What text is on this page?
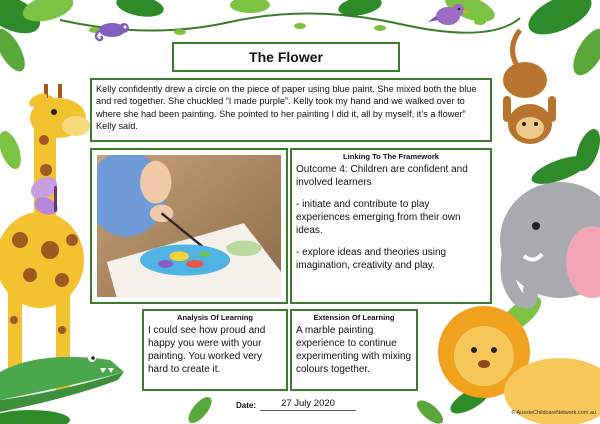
The Flower
Kelly confidently drew a circle on the piece of paper using blue paint. She mixed both the blue and red together. She chuckled “I made purple”. Kelly took my hand and we walked over to where she had been painting. She pointed to her painting I did it, all by myself, it’s a flower” Kelly said.
Linking To The Framework

Outcome 4: Children are confident and involved learners

- initiate and contribute to play experiences emerging from their own ideas.

- explore ideas and theories using imagination, creativity and play.

Analysis Of Learning
I could see how proud and happy you were with your painting. You worked very hard to create it.
Extension Of Learning
A marble painting experience to continue experimenting with mixing colours together.
Date:	27 July 2020
© AussieChildcareNetwork.com.au
